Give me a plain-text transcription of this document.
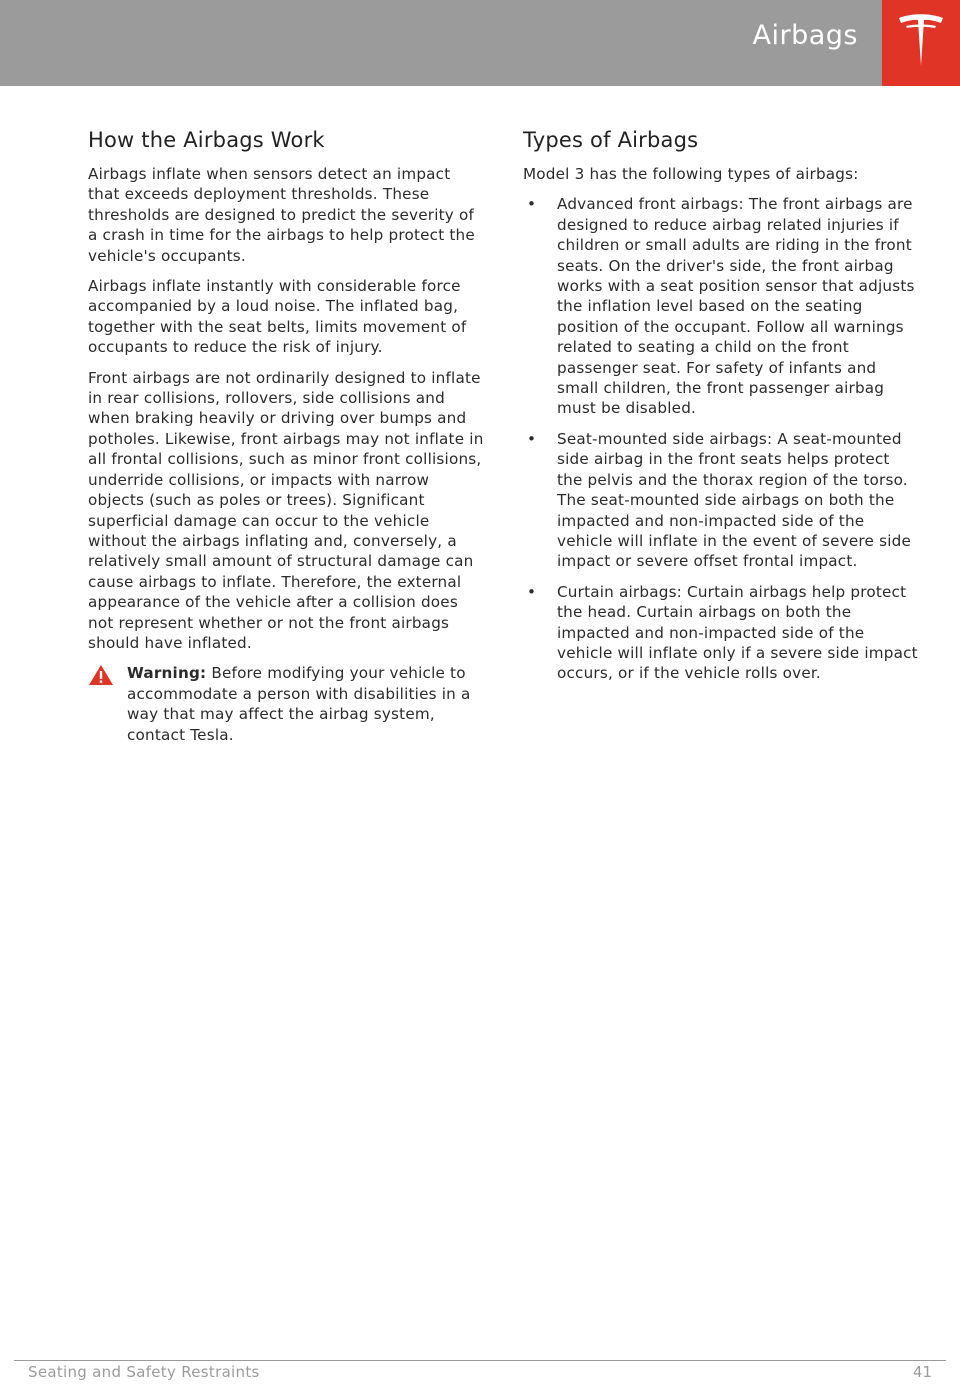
Airbags
How the Airbags Work

Airbags inflate when sensors detect an impact that exceeds deployment thresholds. These thresholds are designed to predict the severity of a crash in time for the airbags to help protect the vehicle's occupants.

Airbags inflate instantly with considerable force accompanied by a loud noise. The inflated bag, together with the seat belts, limits movement of occupants to reduce the risk of injury.

Front airbags are not ordinarily designed to inflate in rear collisions, rollovers, side collisions and when braking heavily or driving over bumps and potholes. Likewise, front airbags may not inflate in all frontal collisions, such as minor front collisions, underride collisions, or impacts with narrow objects (such as poles or trees). Significant superficial damage can occur to the vehicle without the airbags inflating and, conversely, a relatively small amount of structural damage can cause airbags to inflate. Therefore, the external appearance of the vehicle after a collision does not represent whether or not the front airbags should have inflated.

Warning: Before modifying your vehicle to accommodate a person with disabilities in a way that may affect the airbag system, contact Tesla.
Types of Airbags

Model 3 has the following types of airbags:

• Advanced front airbags: The front airbags are designed to reduce airbag related injuries if children or small adults are riding in the front seats. On the driver's side, the front airbag works with a seat position sensor that adjusts the inflation level based on the seating position of the occupant. Follow all warnings related to seating a child on the front passenger seat. For safety of infants and small children, the front passenger airbag must be disabled.
• Seat-mounted side airbags: A seat-mounted side airbag in the front seats helps protect the pelvis and the thorax region of the torso. The seat-mounted side airbags on both the impacted and non-impacted side of the vehicle will inflate in the event of severe side impact or severe offset frontal impact.
• Curtain airbags: Curtain airbags help protect the head. Curtain airbags on both the impacted and non-impacted side of the vehicle will inflate only if a severe side impact occurs, or if the vehicle rolls over.
Seating and Safety Restraints	41
